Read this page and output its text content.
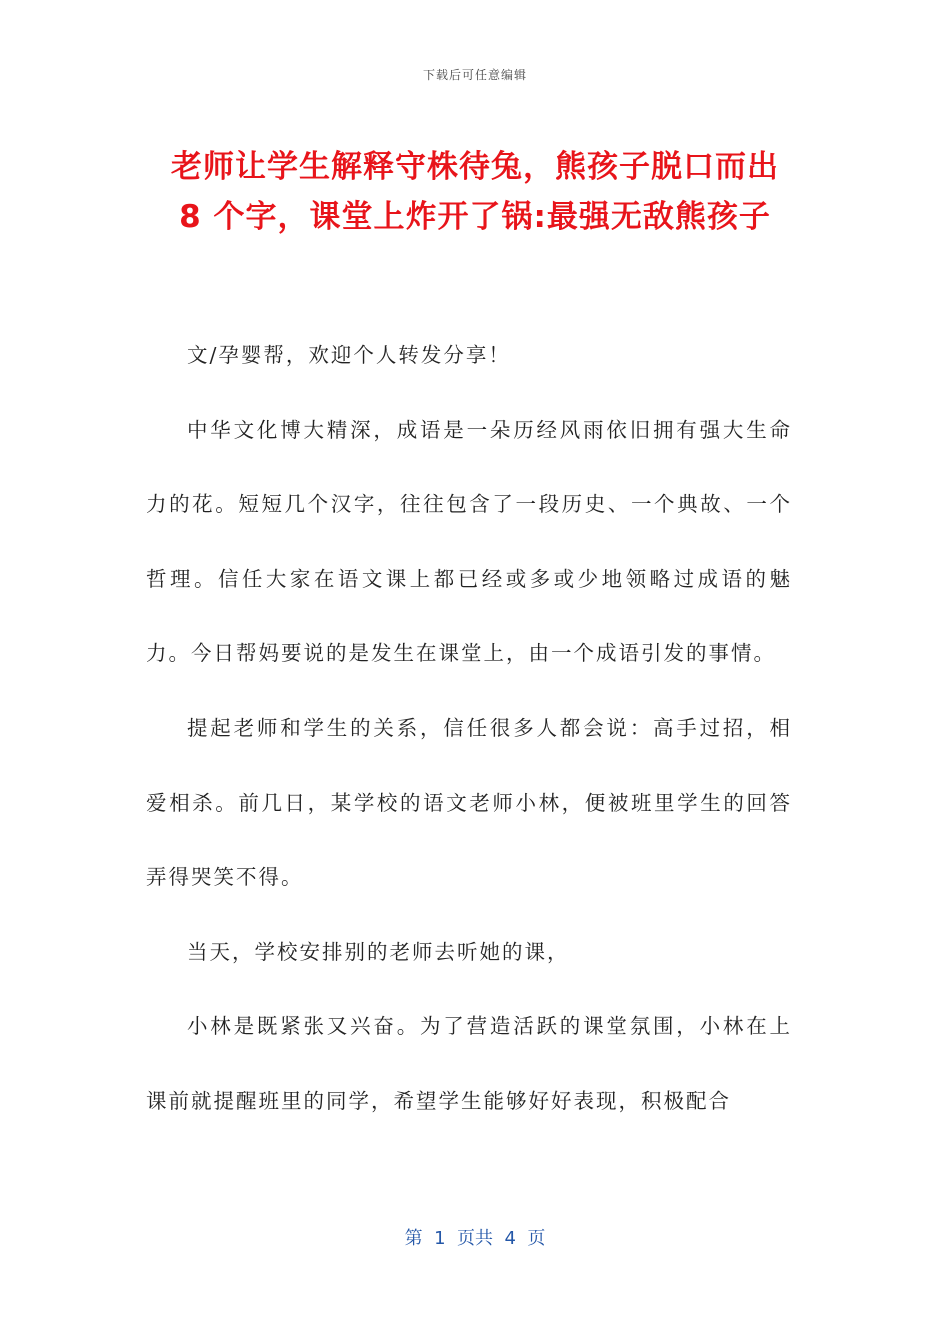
下载后可任意编辑
老师让学生解释守株待兔，熊孩子脱口而出
8 个字，课堂上炸开了锅:最强无敌熊孩子

文/孕婴帮，欢迎个人转发分享！

中华文化博大精深，成语是一朵历经风雨依旧拥有强大生命力的花。短短几个汉字，往往包含了一段历史、一个典故、一个哲理。信任大家在语文课上都已经或多或少地领略过成语的魅力。今日帮妈要说的是发生在课堂上，由一个成语引发的事情。

提起老师和学生的关系，信任很多人都会说：高手过招，相爱相杀。前几日，某学校的语文老师小林，便被班里学生的回答弄得哭笑不得。

当天，学校安排别的老师去听她的课，

小林是既紧张又兴奋。为了营造活跃的课堂氛围，小林在上课前就提醒班里的同学，希望学生能够好好表现，积极配合

第  1  页共  4  页
